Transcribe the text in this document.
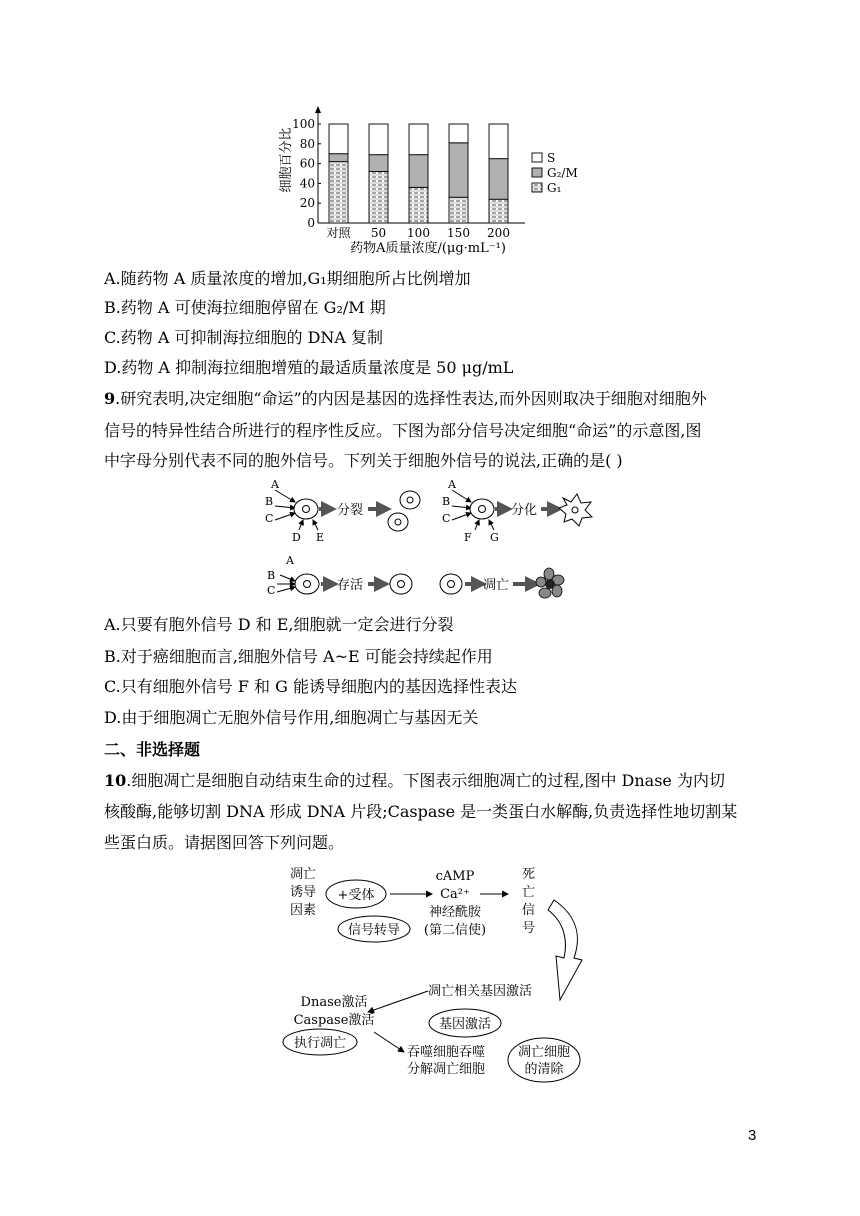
细胞百分比
0
20
40
60
80
100
对照 50 100 150 200
S
G₂/M
G₁
药物A质量浓度/(μg·mL⁻¹)
A.随药物 A 质量浓度的增加,G₁期细胞所占比例增加
B.药物 A 可使海拉细胞停留在 G₂/M 期
C.药物 A 可抑制海拉细胞的 DNA 复制
D.药物 A 抑制海拉细胞增殖的最适质量浓度是 50 μg/mL
9.研究表明,决定细胞“命运”的内因是基因的选择性表达,而外因则取决于细胞对细胞外
信号的特异性结合所进行的程序性反应。下图为部分信号决定细胞“命运”的示意图,图
中字母分别代表不同的胞外信号。下列关于细胞外信号的说法,正确的是( )
A
B
C
D E
分裂
A
B
C
F G
分化
A
B
C	存活	凋亡
A.只要有胞外信号 D 和 E,细胞就一定会进行分裂
B.对于癌细胞而言,细胞外信号 A~E 可能会持续起作用
C.只有细胞外信号 F 和 G 能诱导细胞内的基因选择性表达
D.由于细胞凋亡无胞外信号作用,细胞凋亡与基因无关
二、非选择题
10.细胞凋亡是细胞自动结束生命的过程。下图表示细胞凋亡的过程,图中 Dnase 为内切
核酸酶,能够切割 DNA 形成 DNA 片段;Caspase 是一类蛋白水解酶,负责选择性地切割某
些蛋白质。请据图回答下列问题。
凋亡
诱导
因素
+受体
信号转导
cAMP
Ca²⁺
神经酰胺
(第二信使)
死
亡
信
号
凋亡相关基因激活
基因激活
Dnase激活
Caspase激活
执行凋亡
吞噬细胞吞噬
分解凋亡细胞
凋亡细胞
的清除
3
